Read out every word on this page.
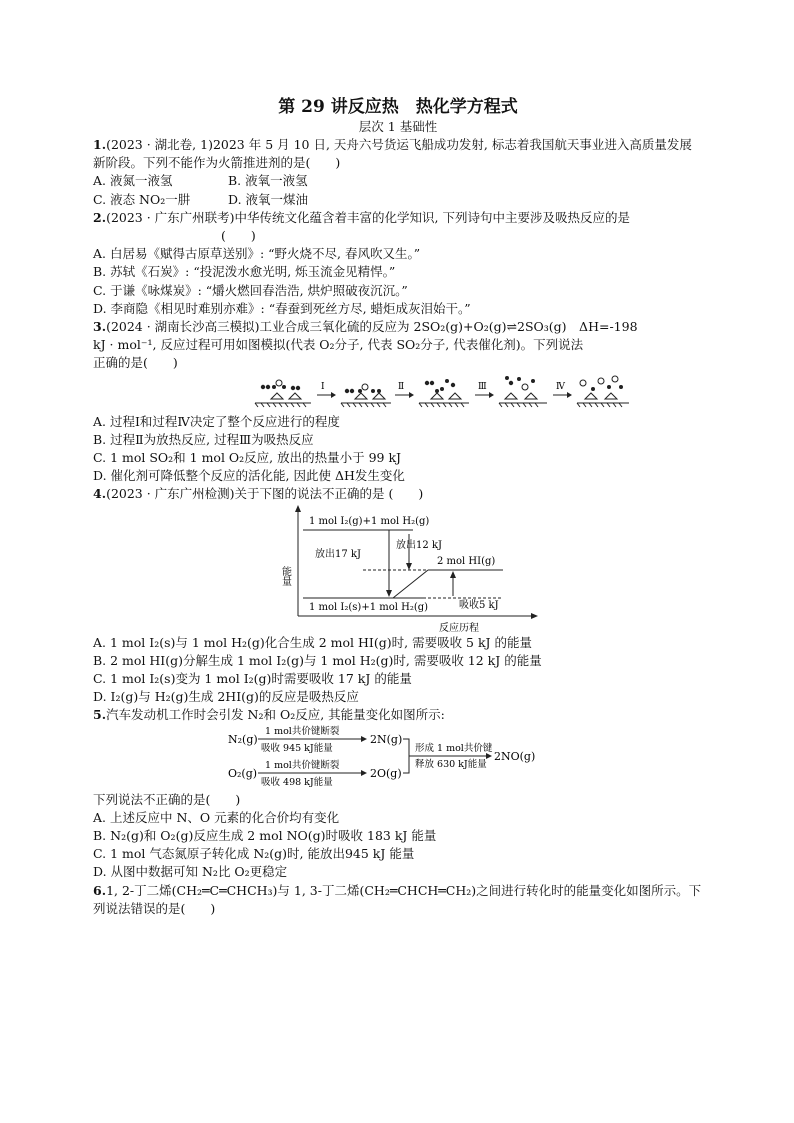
第 29 讲反应热　热化学方程式
层次 1 基础性

1.(2023 · 湖北卷, 1)2023 年 5 月 10 日, 天舟六号货运飞船成功发射, 标志着我国航天事业进入高质量发展新阶段。下列不能作为火箭推进剂的是(　　)

A. 液氮一液氢	B. 液氧一液氢
C. 液态 NO₂一肼	D. 液氧一煤油

2.(2023 · 广东广州联考)中华传统文化蕴含着丰富的化学知识, 下列诗句中主要涉及吸热反应的是

(　　)

A. 白居易《赋得古原草送别》: “野火烧不尽, 春风吹又生。”

B. 苏轼《石炭》: “投泥泼水愈光明, 烁玉流金见精悍。”

C. 于谦《咏煤炭》: “爝火燃回春浩浩, 烘炉照破夜沉沉。”

D. 李商隐《相见时难别亦难》: “春蚕到死丝方尽, 蜡炬成灰泪始干。”

3.(2024 · 湖南长沙高三模拟)工业合成三氧化硫的反应为 2SO₂(g)+O₂(g)⇌2SO₃(g)　ΔH=-198

kJ · mol⁻¹, 反应过程可用如图模拟(代表 O₂分子, 代表 SO₂分子, 代表催化剂)。下列说法

正确的是(　　)

Ⅰ	Ⅱ	Ⅲ	Ⅳ

A. 过程Ⅰ和过程Ⅳ决定了整个反应进行的程度

B. 过程Ⅱ为放热反应, 过程Ⅲ为吸热反应

C. 1 mol SO₂和 1 mol O₂反应, 放出的热量小于 99 kJ

D. 催化剂可降低整个反应的活化能, 因此使 ΔH发生变化

4.(2023 · 广东广州检测)关于下图的说法不正确的是 (　　)

能量
反应历程
1 mol I₂(g)+1 mol H₂(g)
放出17 kJ
放出12 kJ
2 mol HI(g)
1 mol I₂(s)+1 mol H₂(g)	吸收5 kJ

A. 1 mol I₂(s)与 1 mol H₂(g)化合生成 2 mol HI(g)时, 需要吸收 5 kJ 的能量

B. 2 mol HI(g)分解生成 1 mol I₂(g)与 1 mol H₂(g)时, 需要吸收 12 kJ 的能量

C. 1 mol I₂(s)变为 1 mol I₂(g)时需要吸收 17 kJ 的能量

D. I₂(g)与 H₂(g)生成 2HI(g)的反应是吸热反应

5.汽车发动机工作时会引发 N₂和 O₂反应, 其能量变化如图所示:

N₂(g)
1 mol共价键断裂
吸收 945 kJ能量
2N(g)
O₂(g)
1 mol共价键断裂
吸收 498 kJ能量
2O(g)
形成 1 mol共价键
释放 630 kJ能量
2NO(g)

下列说法不正确的是(　　)

A. 上述反应中 N、O 元素的化合价均有变化

B. N₂(g)和 O₂(g)反应生成 2 mol NO(g)时吸收 183 kJ 能量

C. 1 mol 气态氮原子转化成 N₂(g)时, 能放出945 kJ 能量

D. 从图中数据可知 N₂比 O₂更稳定

6.1, 2-丁二烯(CH₂═C═CHCH₃)与 1, 3-丁二烯(CH₂═CHCH═CH₂)之间进行转化时的能量变化如图所示。下列说法错误的是(　　)
